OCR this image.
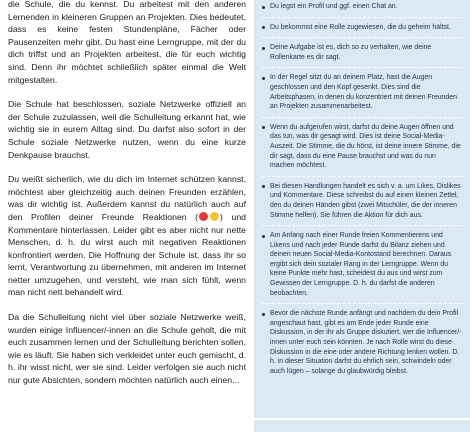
die Schule, die du kennst. Du arbeitest mit den anderen Lernenden in kleineren Gruppen an Projekten. Dies bedeutet, dass es keine festen Stundenpläne, Fächer oder Pausenzeiten mehr gibt. Du hast eine Lerngruppe, mit der du dich triffst und an Projekten arbeitest, die für euch wichtig sind. Denn ihr möchtet schließlich später einmal die Welt mitgestalten.

Die Schule hat beschlossen, soziale Netzwerke offiziell an der Schule zuzulassen, weil die Schulleitung erkannt hat, wie wichtig sie in eurem Alltag sind. Du darfst also sofort in der Schule soziale Netzwerke nutzen, wenn du eine kurze Denkpause brauchst.

Du weißt sicherlich, wie du dich im Internet schützen kannst, möchtest aber gleichzeitig auch deinen Freunden erzählen, was dir wichtig ist. Außerdem kannst du natürlich auch auf den Profilen deiner Freunde Reaktionen (	) und Kommentare hinterlassen. Leider gibt es aber nicht nur nette Menschen, d. h. du wirst auch mit negativen Reaktionen konfrontiert werden. Die Hoffnung der Schule ist, dass ihr so lernt, Verantwortung zu übernehmen, mit anderen im Internet netter umzugehen, und versteht, wie man sich fühlt, wenn man nicht nett behandelt wird.

Da die Schulleitung nicht viel über soziale Netzwerke weiß, wurden einige Influencer/-innen an die Schule geholt, die mit euch zusammen lernen und der Schulleitung berichten sollen, wie es läuft. Sie haben sich verkleidet unter euch gemischt, d. h. ihr wisst nicht, wer sie sind. Leider verfolgen sie auch nicht nur gute Absichten, sondern möchten natürlich auch einen...

Du legst ein Profil und ggf. einen Chat an.
Du bekommst eine Rolle zugewiesen, die du geheim hältst.
Deine Aufgabe ist es, dich so zu verhalten, wie deine Rollenkarte es dir sagt.
In der Regel sitzt du an deinem Platz, hast die Augen geschlossen und den Kopf gesenkt. Dies sind die Arbeitsphasen, in denen du konzentriert mit deinen Freunden an Projekten zusammenarbeitest.
Wenn du aufgerufen wirst, darfst du deine Augen öffnen und das tun, was dir gesagt wird. Dies ist deine Social-Media-Auszeit. Die Stimme, die du hörst, ist deine innere Stimme, die dir sagt, dass du eine Pause brauchst und was du nun machen möchtest.
Bei diesen Handlungen handelt es sich v. a. um Likes, Dislikes und Kommentare. Diese schreibst du auf einen kleinen Zettel, den du deinen Händen gibst (zwei Mitschüler, die der inneren Stimme helfen). Sie führen die Aktion für dich aus.
Am Anfang nach einer Runde freien Kommentierens und Likens und nach jeder Runde darfst du Bilanz ziehen und deinen neuen Social-Media-Kontostand berechnen. Daraus ergibt sich dein sozialer Rang in der Lerngruppe. Wenn du keine Punkte mehr hast, scheidest du aus und wirst zum Gewissen der Lerngruppe. D. h. du darfst die anderen beobachten.
Bevor die nächste Runde anfängt und nachdem du dein Profil angeschaut hast, gibt es am Ende jeder Runde eine Diskussion, in der ihr als Gruppe diskutiert, wer die Influencer/-innen unter euch sein könnten. Je nach Rolle wirst du diese Diskussion in die eine oder andere Richtung lenken wollen. D. h. in dieser Situation darfst du ehrlich sein, schwindeln oder auch lügen – solange du glaubwürdig bleibst.
